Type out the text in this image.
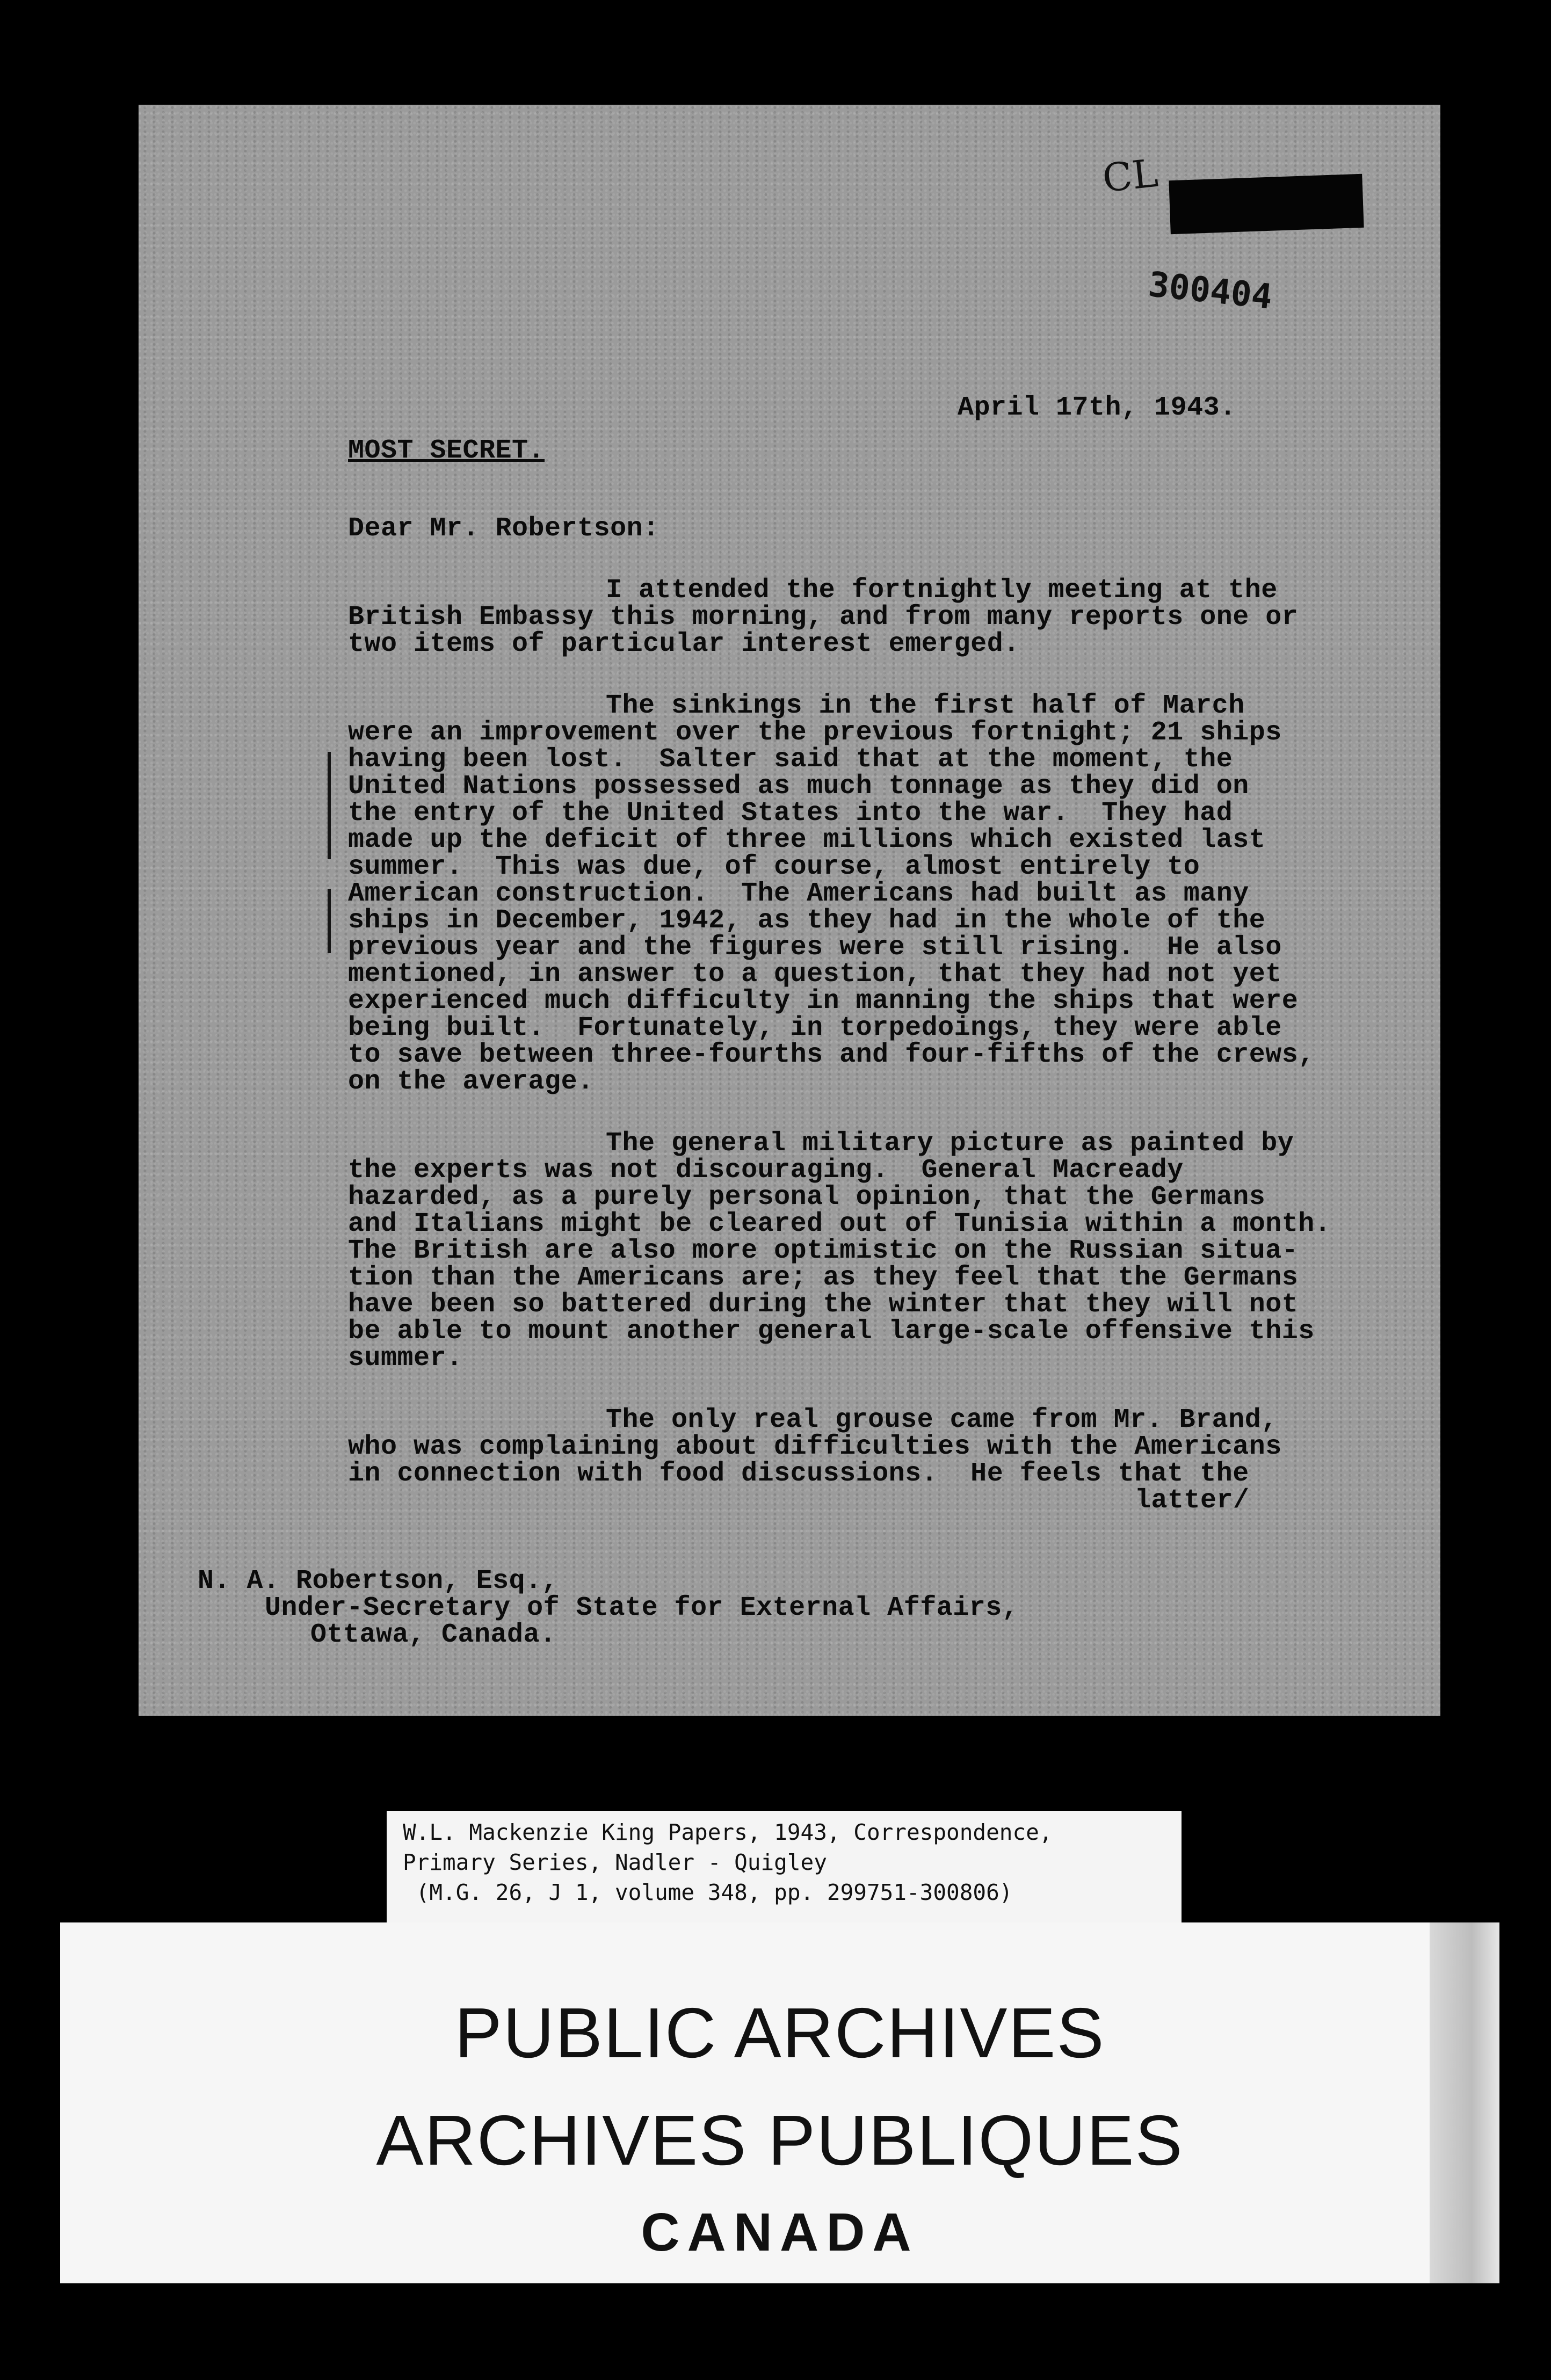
CL
300404
April 17th, 1943.
MOST SECRET.
Dear Mr. Robertson:
I attended the fortnightly meeting at the
British Embassy this morning, and from many reports one or
two items of particular interest emerged.
The sinkings in the first half of March
were an improvement over the previous fortnight; 21 ships
having been lost.  Salter said that at the moment, the
United Nations possessed as much tonnage as they did on
the entry of the United States into the war.  They had
made up the deficit of three millions which existed last
summer.  This was due, of course, almost entirely to
American construction.  The Americans had built as many
ships in December, 1942, as they had in the whole of the
previous year and the figures were still rising.  He also
mentioned, in answer to a question, that they had not yet
experienced much difficulty in manning the ships that were
being built.  Fortunately, in torpedoings, they were able
to save between three-fourths and four-fifths of the crews,
on the average.
The general military picture as painted by
the experts was not discouraging.  General Macready
hazarded, as a purely personal opinion, that the Germans
and Italians might be cleared out of Tunisia within a month.
The British are also more optimistic on the Russian situa-
tion than the Americans are; as they feel that the Germans
have been so battered during the winter that they will not
be able to mount another general large-scale offensive this
summer.
The only real grouse came from Mr. Brand,
who was complaining about difficulties with the Americans
in connection with food discussions.  He feels that the
latter/
N. A. Robertson, Esq.,
Under-Secretary of State for External Affairs,
Ottawa, Canada.
W.L. Mackenzie King Papers, 1943, Correspondence,
Primary Series, Nadler - Quigley
(M.G. 26, J 1, volume 348, pp. 299751-300806)
PUBLIC ARCHIVES
ARCHIVES PUBLIQUES
CANADA
